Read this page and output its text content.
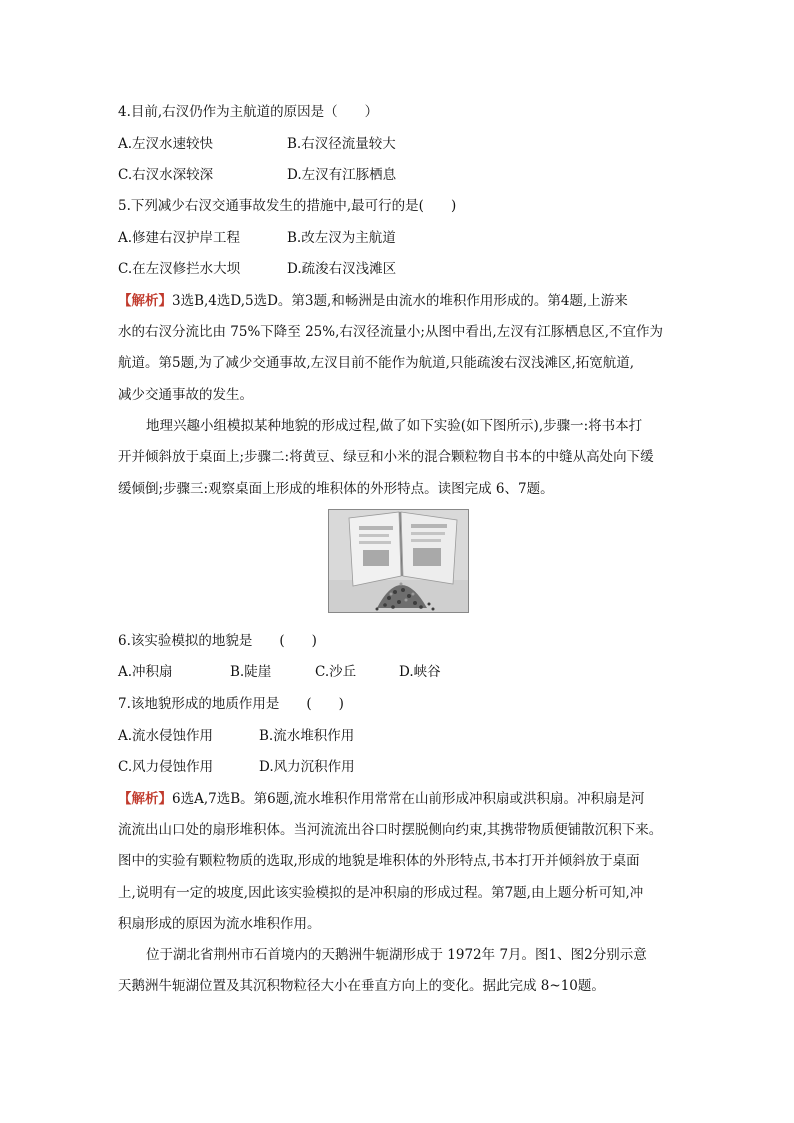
4.目前,右汊仍作为主航道的原因是（　　）
A.左汊水速较快	B.右汊径流量较大
C.右汊水深较深	D.左汊有江豚栖息
5.下列减少右汊交通事故发生的措施中,最可行的是(　　)
A.修建右汊护岸工程	B.改左汊为主航道
C.在左汊修拦水大坝	D.疏浚右汊浅滩区
【解析】3选B,4选D,5选D。第3题,和畅洲是由流水的堆积作用形成的。第4题,上游来
水的右汊分流比由 75%下降至 25%,右汊径流量小;从图中看出,左汊有江豚栖息区,不宜作为
航道。第5题,为了减少交通事故,左汊目前不能作为航道,只能疏浚右汊浅滩区,拓宽航道,
减少交通事故的发生。
地理兴趣小组模拟某种地貌的形成过程,做了如下实验(如下图所示),步骤一:将书本打
开并倾斜放于桌面上;步骤二:将黄豆、绿豆和小米的混合颗粒物自书本的中缝从高处向下缓
缓倾倒;步骤三:观察桌面上形成的堆积体的外形特点。读图完成 6、7题。
6.该实验模拟的地貌是　　(　　)
A.冲积扇	B.陡崖	C.沙丘	D.峡谷
7.该地貌形成的地质作用是　　(　　)
A.流水侵蚀作用	B.流水堆积作用
C.风力侵蚀作用	D.风力沉积作用
【解析】6选A,7选B。第6题,流水堆积作用常常在山前形成冲积扇或洪积扇。冲积扇是河
流流出山口处的扇形堆积体。当河流流出谷口时摆脱侧向约束,其携带物质便铺散沉积下来。
图中的实验有颗粒物质的选取,形成的地貌是堆积体的外形特点,书本打开并倾斜放于桌面
上,说明有一定的坡度,因此该实验模拟的是冲积扇的形成过程。第7题,由上题分析可知,冲
积扇形成的原因为流水堆积作用。
位于湖北省荆州市石首境内的天鹅洲牛轭湖形成于 1972年 7月。图1、图2分别示意
天鹅洲牛轭湖位置及其沉积物粒径大小在垂直方向上的变化。据此完成 8~10题。
